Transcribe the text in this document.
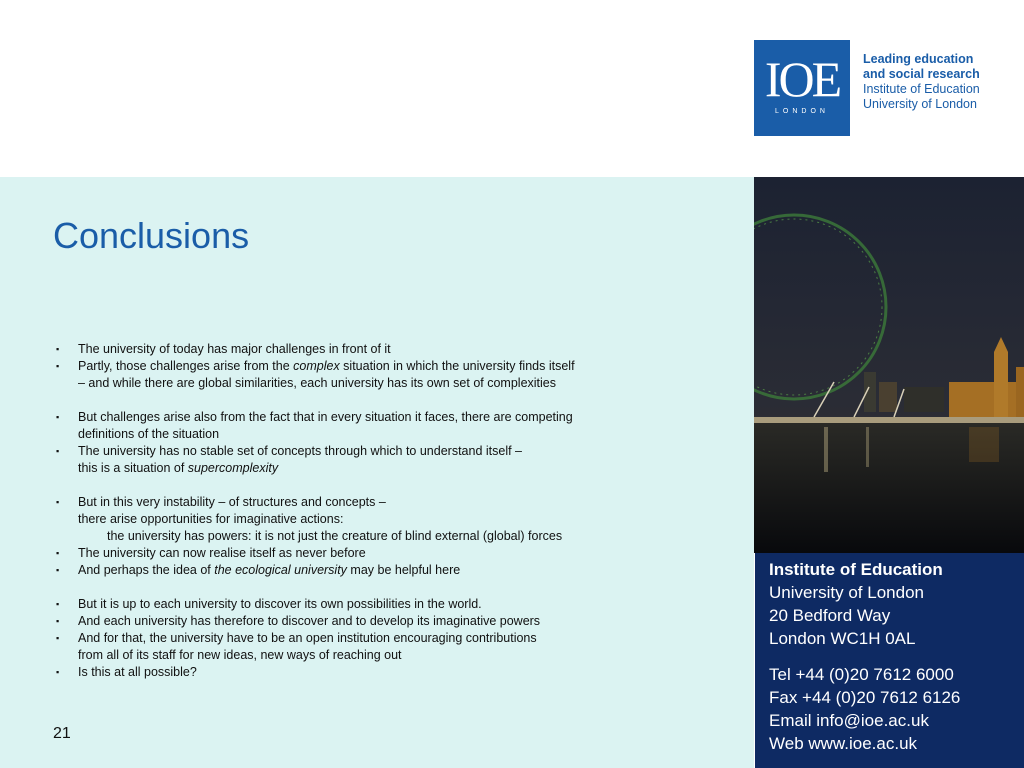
IOE
LONDON
Leading education
and social research
Institute of Education
University of London
Conclusions
▪ The university of today has major challenges in front of it
▪ Partly, those challenges arise from the complex situation in which the university finds itself
– and while there are global similarities, each university has its own set of complexities
▪ But challenges arise also from the fact that in every situation it faces, there are competing
definitions of the situation
▪ The university has no stable set of concepts through which to understand itself –
this is a situation of supercomplexity
▪ But in this very instability – of structures and concepts –
there arise opportunities for imaginative actions:
the university has powers: it is not just the creature of blind external (global) forces
▪ The university can now realise itself as never before
▪ And perhaps the idea of the ecological university may be helpful here
▪ But it is up to each university to discover its own possibilities in the world.
▪ And each university has therefore to discover and to develop its imaginative powers
▪ And for that, the university have to be an open institution encouraging contributions
from all of its staff for new ideas, new ways of reaching out
▪ Is this at all possible?
21
Institute of Education
University of London
20 Bedford Way
London WC1H 0AL
Tel +44 (0)20 7612 6000
Fax +44 (0)20 7612 6126
Email info@ioe.ac.uk
Web www.ioe.ac.uk
